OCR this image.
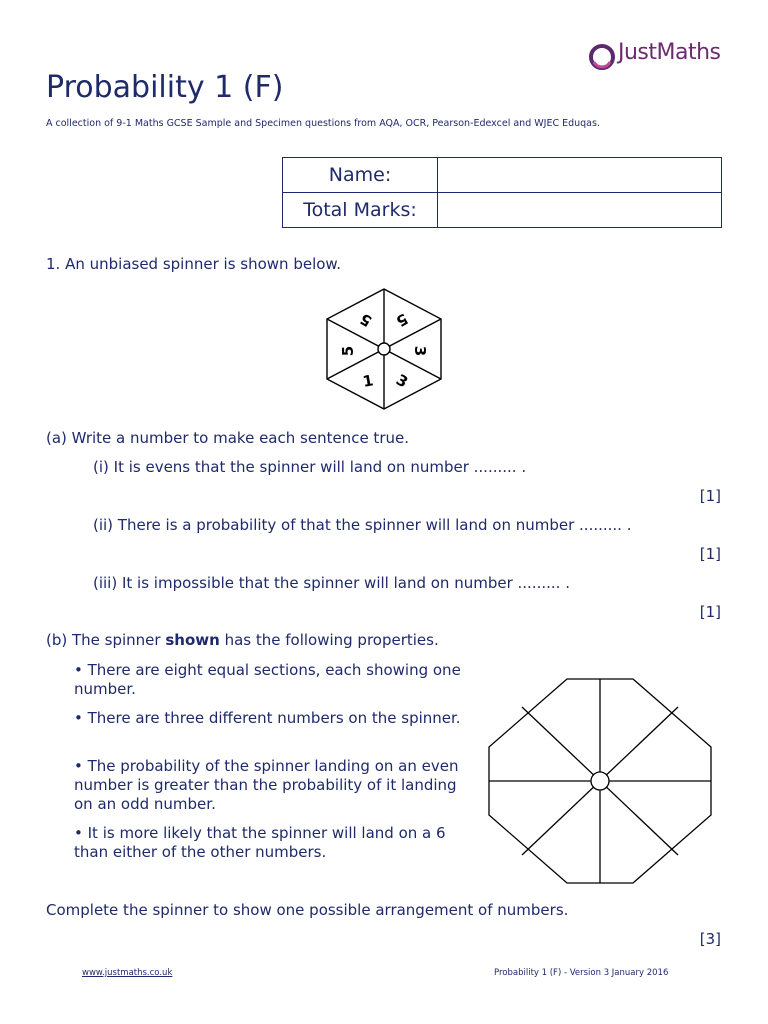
JustMaths
Probability 1 (F)
A collection of 9-1 Maths GCSE Sample and Specimen questions from AQA, OCR, Pearson-Edexcel and WJEC Eduqas.
Name:	
Total Marks:	
1. An unbiased spinner is shown below.
5
3
3
1
5
5
(a) Write a number to make each sentence true.
(i) It is evens that the spinner will land on number ......... .
[1]
(ii) There is a probability of that the spinner will land on number ......... .
[1]
(iii) It is impossible that the spinner will land on number ......... .
[1]
(b) The spinner shown has the following properties.
• There are eight equal sections, each showing one number.
• There are three different numbers on the spinner.
• The probability of the spinner landing on an even number is greater than the probability of it landing on an odd number.
• It is more likely that the spinner will land on a 6 than either of the other numbers.
Complete the spinner to show one possible arrangement of numbers.
[3]
www.justmaths.co.uk	Probability 1 (F) - Version 3 January 2016
